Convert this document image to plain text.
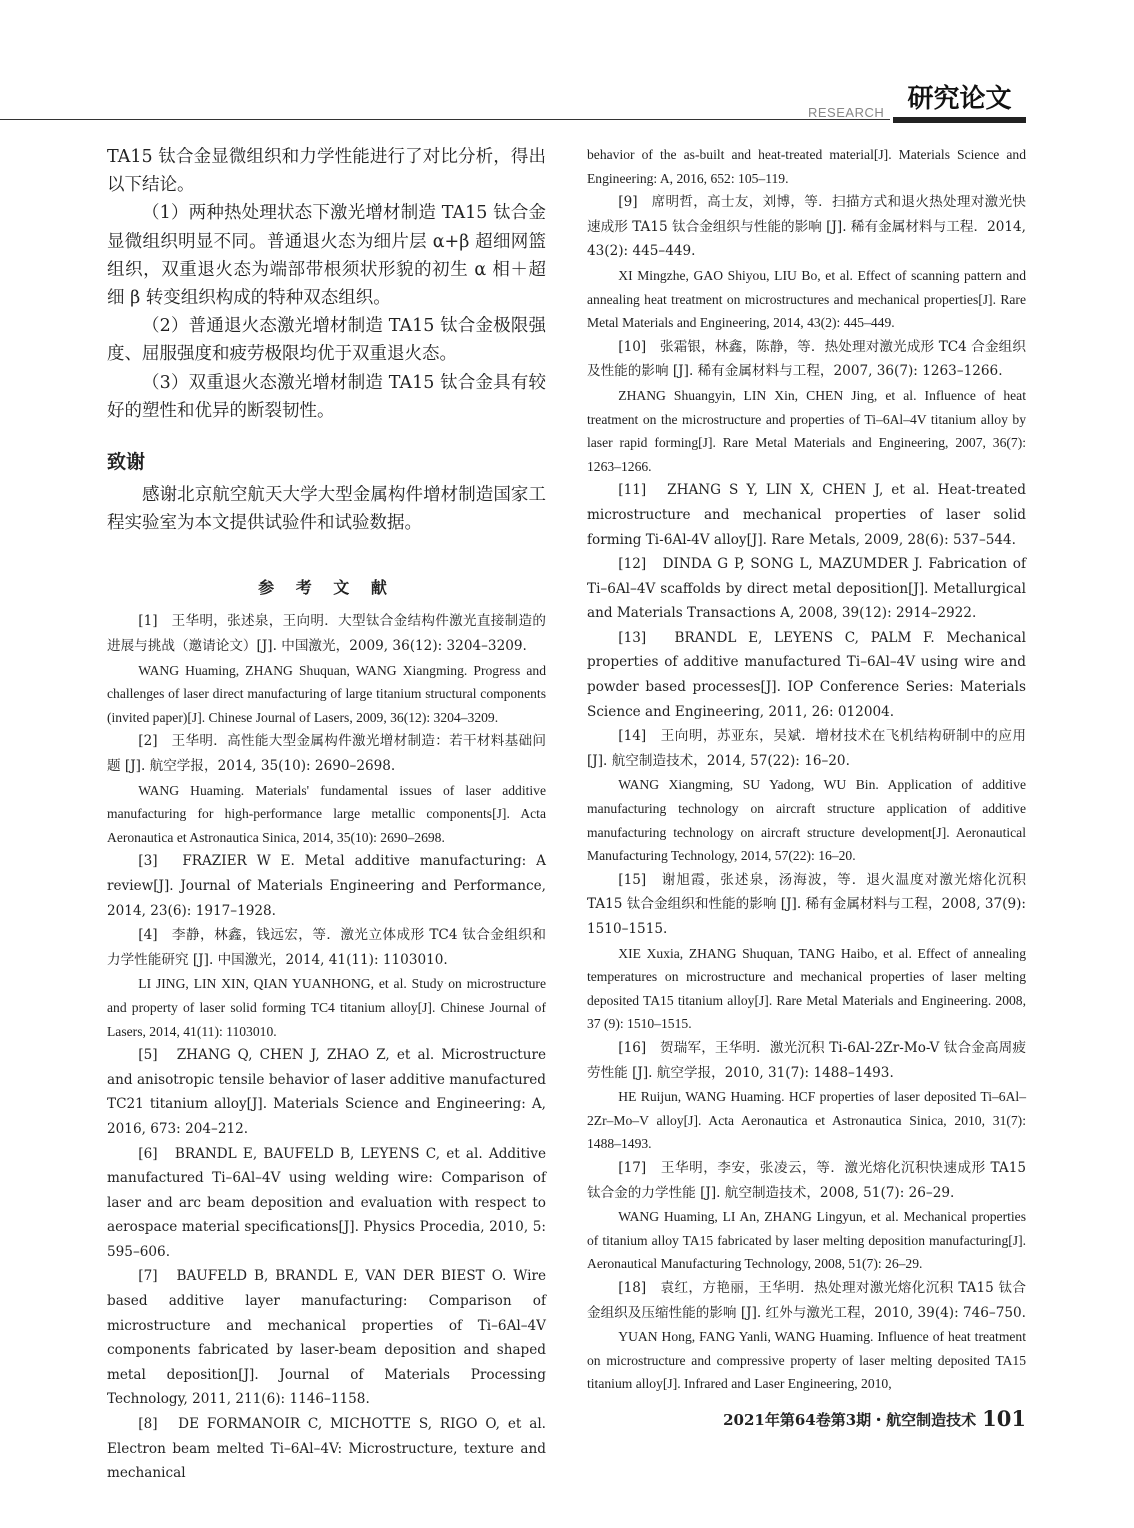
RESEARCH 研究论文

TA15 钛合金显微组织和力学性能进行了对比分析，得出以下结论。

（1）两种热处理状态下激光增材制造 TA15 钛合金显微组织明显不同。普通退火态为细片层 α+β 超细网篮组织，双重退火态为端部带根须状形貌的初生 α 相＋超细 β 转变组织构成的特种双态组织。

（2）普通退火态激光增材制造 TA15 钛合金极限强度、屈服强度和疲劳极限均优于双重退火态。

（3）双重退火态激光增材制造 TA15 钛合金具有较好的塑性和优异的断裂韧性。

致谢

感谢北京航空航天大学大型金属构件增材制造国家工程实验室为本文提供试验件和试验数据。

参 考 文 献

[1]　王华明，张述泉，王向明．大型钛合金结构件激光直接制造的进展与挑战（邀请论文）[J]. 中国激光，2009, 36(12): 3204–3209.
WANG Huaming, ZHANG Shuquan, WANG Xiangming. Progress and challenges of laser direct manufacturing of large titanium structural components (invited paper)[J]. Chinese Journal of Lasers, 2009, 36(12): 3204–3209.

[2]　王华明．高性能大型金属构件激光增材制造：若干材料基础问题 [J]. 航空学报，2014, 35(10): 2690–2698.
WANG Huaming. Materials' fundamental issues of laser additive manufacturing for high-performance large metallic components[J]. Acta Aeronautica et Astronautica Sinica, 2014, 35(10): 2690–2698.

[3]　FRAZIER W E. Metal additive manufacturing: A review[J]. Journal of Materials Engineering and Performance, 2014, 23(6): 1917–1928.

[4]　李静，林鑫，钱远宏，等．激光立体成形 TC4 钛合金组织和力学性能研究 [J]. 中国激光，2014, 41(11): 1103010.
LI JING, LIN XIN, QIAN YUANHONG, et al. Study on microstructure and property of laser solid forming TC4 titanium alloy[J]. Chinese Journal of Lasers, 2014, 41(11): 1103010.

[5]　ZHANG Q, CHEN J, ZHAO Z, et al. Microstructure and anisotropic tensile behavior of laser additive manufactured TC21 titanium alloy[J]. Materials Science and Engineering: A, 2016, 673: 204–212.

[6]　BRANDL E, BAUFELD B, LEYENS C, et al. Additive manufactured Ti–6Al–4V using welding wire: Comparison of laser and arc beam deposition and evaluation with respect to aerospace material specifications[J]. Physics Procedia, 2010, 5: 595–606.

[7]　BAUFELD B, BRANDL E, VAN DER BIEST O. Wire based additive layer manufacturing: Comparison of microstructure and mechanical properties of Ti–6Al–4V components fabricated by laser-beam deposition and shaped metal deposition[J]. Journal of Materials Processing Technology, 2011, 211(6): 1146–1158.

[8]　DE FORMANOIR C, MICHOTTE S, RIGO O, et al. Electron beam melted Ti–6Al–4V: Microstructure, texture and mechanical

behavior of the as-built and heat-treated material[J]. Materials Science and Engineering: A, 2016, 652: 105–119.

[9]　席明哲，高士友，刘博，等．扫描方式和退火热处理对激光快速成形 TA15 钛合金组织与性能的影响 [J]. 稀有金属材料与工程．2014, 43(2): 445–449.
XI Mingzhe, GAO Shiyou, LIU Bo, et al. Effect of scanning pattern and annealing heat treatment on microstructures and mechanical properties[J]. Rare Metal Materials and Engineering, 2014, 43(2): 445–449.

[10]　张霜银，林鑫，陈静，等．热处理对激光成形 TC4 合金组织及性能的影响 [J]. 稀有金属材料与工程，2007, 36(7): 1263–1266.
ZHANG Shuangyin, LIN Xin, CHEN Jing, et al. Influence of heat treatment on the microstructure and properties of Ti–6Al–4V titanium alloy by laser rapid forming[J]. Rare Metal Materials and Engineering, 2007, 36(7): 1263–1266.

[11]　ZHANG S Y, LIN X, CHEN J, et al. Heat-treated microstructure and mechanical properties of laser solid forming Ti-6Al-4V alloy[J]. Rare Metals, 2009, 28(6): 537–544.

[12]　DINDA G P, SONG L, MAZUMDER J. Fabrication of Ti–6Al–4V scaffolds by direct metal deposition[J]. Metallurgical and Materials Transactions A, 2008, 39(12): 2914–2922.

[13]　BRANDL E, LEYENS C, PALM F. Mechanical properties of additive manufactured Ti–6Al–4V using wire and powder based processes[J]. IOP Conference Series: Materials Science and Engineering, 2011, 26: 012004.

[14]　王向明，苏亚东，吴斌．增材技术在飞机结构研制中的应用 [J]. 航空制造技术，2014, 57(22): 16–20.
WANG Xiangming, SU Yadong, WU Bin. Application of additive manufacturing technology on aircraft structure application of additive manufacturing technology on aircraft structure development[J]. Aeronautical Manufacturing Technology, 2014, 57(22): 16–20.

[15]　谢旭霞，张述泉，汤海波，等．退火温度对激光熔化沉积 TA15 钛合金组织和性能的影响 [J]. 稀有金属材料与工程，2008, 37(9): 1510–1515.
XIE Xuxia, ZHANG Shuquan, TANG Haibo, et al. Effect of annealing temperatures on microstructure and mechanical properties of laser melting deposited TA15 titanium alloy[J]. Rare Metal Materials and Engineering. 2008, 37 (9): 1510–1515.

[16]　贺瑞军，王华明．激光沉积 Ti-6Al-2Zr-Mo-V 钛合金高周疲劳性能 [J]. 航空学报，2010, 31(7): 1488–1493.
HE Ruijun, WANG Huaming. HCF properties of laser deposited Ti–6Al–2Zr–Mo–V alloy[J]. Acta Aeronautica et Astronautica Sinica, 2010, 31(7): 1488–1493.

[17]　王华明，李安，张凌云，等．激光熔化沉积快速成形 TA15 钛合金的力学性能 [J]. 航空制造技术，2008, 51(7): 26–29.
WANG Huaming, LI An, ZHANG Lingyun, et al. Mechanical properties of titanium alloy TA15 fabricated by laser melting deposition manufacturing[J]. Aeronautical Manufacturing Technology, 2008, 51(7): 26–29.

[18]　袁红，方艳丽，王华明．热处理对激光熔化沉积 TA15 钛合金组织及压缩性能的影响 [J]. 红外与激光工程，2010, 39(4): 746–750.
YUAN Hong, FANG Yanli, WANG Huaming. Influence of heat treatment on microstructure and compressive property of laser melting deposited TA15 titanium alloy[J]. Infrared and Laser Engineering, 2010,

2021年第64卷第3期・航空制造技术 101
